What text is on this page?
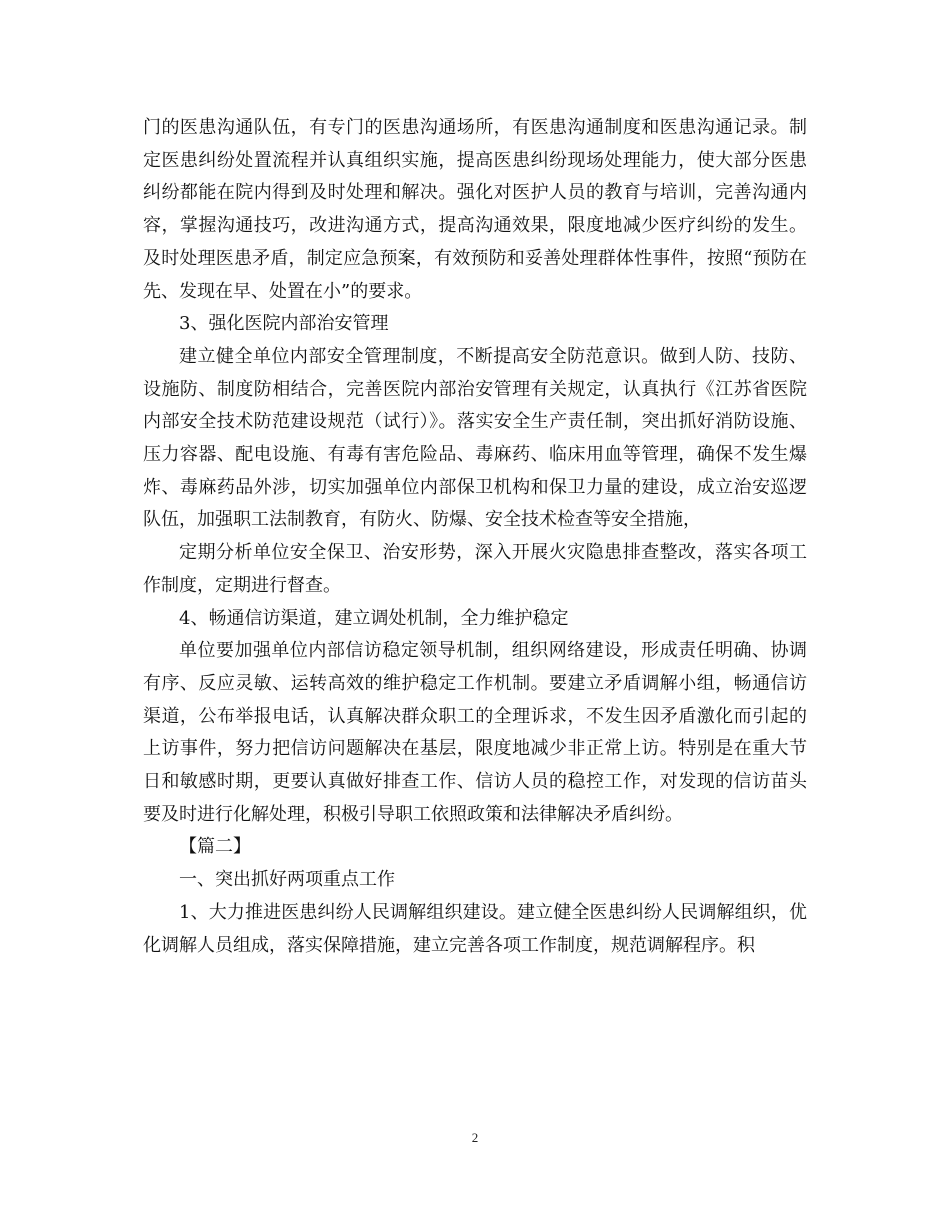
门的医患沟通队伍，有专门的医患沟通场所，有医患沟通制度和医患沟通记录。制定医患纠纷处置流程并认真组织实施，提高医患纠纷现场处理能力，使大部分医患纠纷都能在院内得到及时处理和解决。强化对医护人员的教育与培训，完善沟通内容，掌握沟通技巧，改进沟通方式，提高沟通效果，限度地减少医疗纠纷的发生。及时处理医患矛盾，制定应急预案，有效预防和妥善处理群体性事件，按照“预防在先、发现在早、处置在小”的要求。

3、强化医院内部治安管理

建立健全单位内部安全管理制度，不断提高安全防范意识。做到人防、技防、设施防、制度防相结合，完善医院内部治安管理有关规定，认真执行《江苏省医院内部安全技术防范建设规范（试行）》。落实安全生产责任制，突出抓好消防设施、压力容器、配电设施、有毒有害危险品、毒麻药、临床用血等管理，确保不发生爆炸、毒麻药品外涉，切实加强单位内部保卫机构和保卫力量的建设，成立治安巡逻队伍，加强职工法制教育，有防火、防爆、安全技术检查等安全措施，

定期分析单位安全保卫、治安形势，深入开展火灾隐患排查整改，落实各项工作制度，定期进行督查。

4、畅通信访渠道，建立调处机制，全力维护稳定

单位要加强单位内部信访稳定领导机制，组织网络建设，形成责任明确、协调有序、反应灵敏、运转高效的维护稳定工作机制。要建立矛盾调解小组，畅通信访渠道，公布举报电话，认真解决群众职工的全理诉求，不发生因矛盾激化而引起的上访事件，努力把信访问题解决在基层，限度地减少非正常上访。特别是在重大节日和敏感时期，更要认真做好排查工作、信访人员的稳控工作，对发现的信访苗头要及时进行化解处理，积极引导职工依照政策和法律解决矛盾纠纷。

【篇二】

一、突出抓好两项重点工作

1、大力推进医患纠纷人民调解组织建设。建立健全医患纠纷人民调解组织，优化调解人员组成，落实保障措施，建立完善各项工作制度，规范调解程序。积

2
